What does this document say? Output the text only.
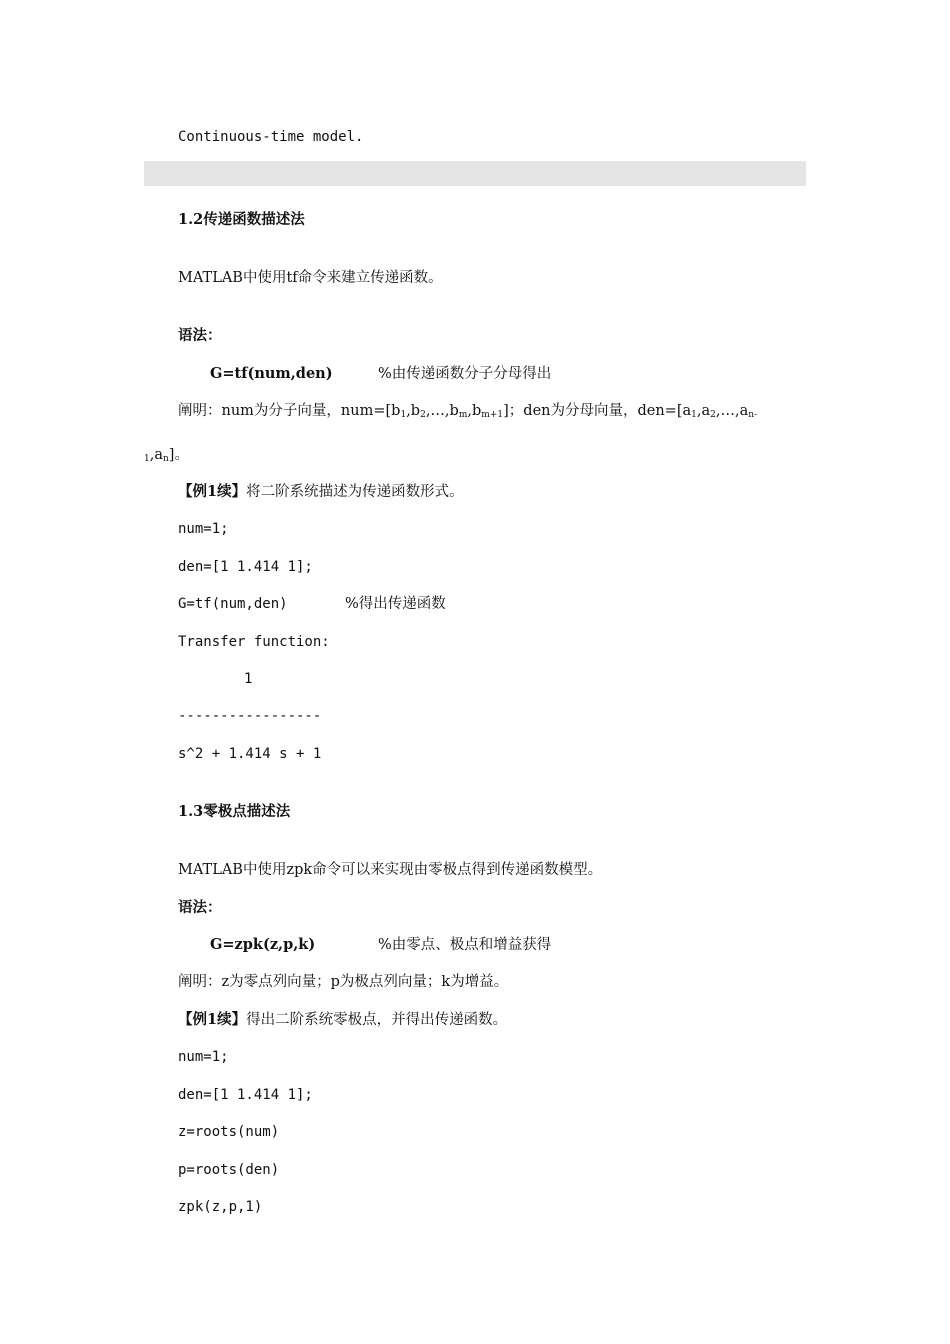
Continuous-time model.
1.2传递函数描述法
MATLAB中使用tf命令来建立传递函数。
语法：
G=tf(num,den)	%由传递函数分子分母得出
阐明：num为分子向量，$num=[b_1,b_2,\dots,b_m,b_{m+1}]$；den为分母向量，$den=[a_1,a_2,\dots,a_{n-}$
$_1,a_n$]。
【例1续】将二阶系统描述为传递函数形式。
num=1;
den=[1 1.414 1];
G=tf(num,den)	%得出传递函数
Transfer function:
1
-----------------
s^2 + 1.414 s + 1
1.3零极点描述法
MATLAB中使用zpk命令可以来实现由零极点得到传递函数模型。
语法：
G=zpk(z,p,k)	%由零点、极点和增益获得
阐明：z为零点列向量；p为极点列向量；k为增益。
【例1续】得出二阶系统零极点，并得出传递函数。
num=1;
den=[1 1.414 1];
z=roots(num)
p=roots(den)
zpk(z,p,1)
